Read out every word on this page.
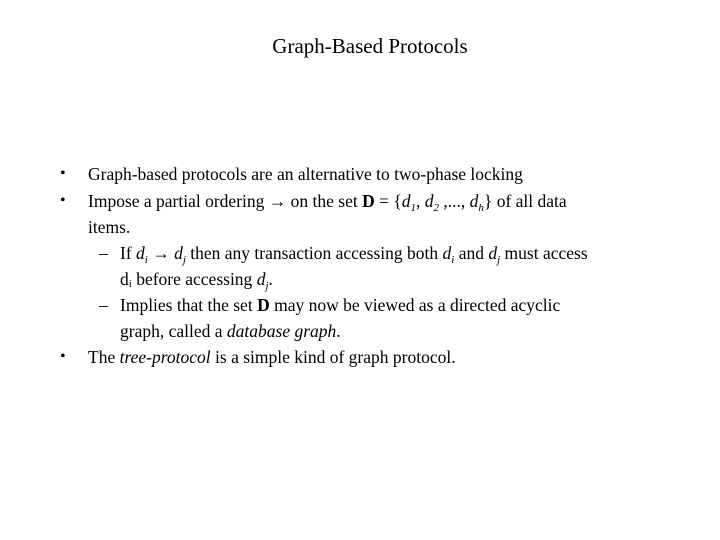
Graph-Based Protocols
• Graph-based protocols are an alternative to two-phase locking
• Impose a partial ordering → on the set $D = \{d_1$, $d_2$ ,..., $d_h$} of all data
items.
– If $d_i \to d_j$ then any transaction accessing both $d_i$ and $d_j$ must access
di before accessing $d_j$.
– Implies that the set D may now be viewed as a directed acyclic
graph, called a database graph.
• The tree-protocol is a simple kind of graph protocol.
